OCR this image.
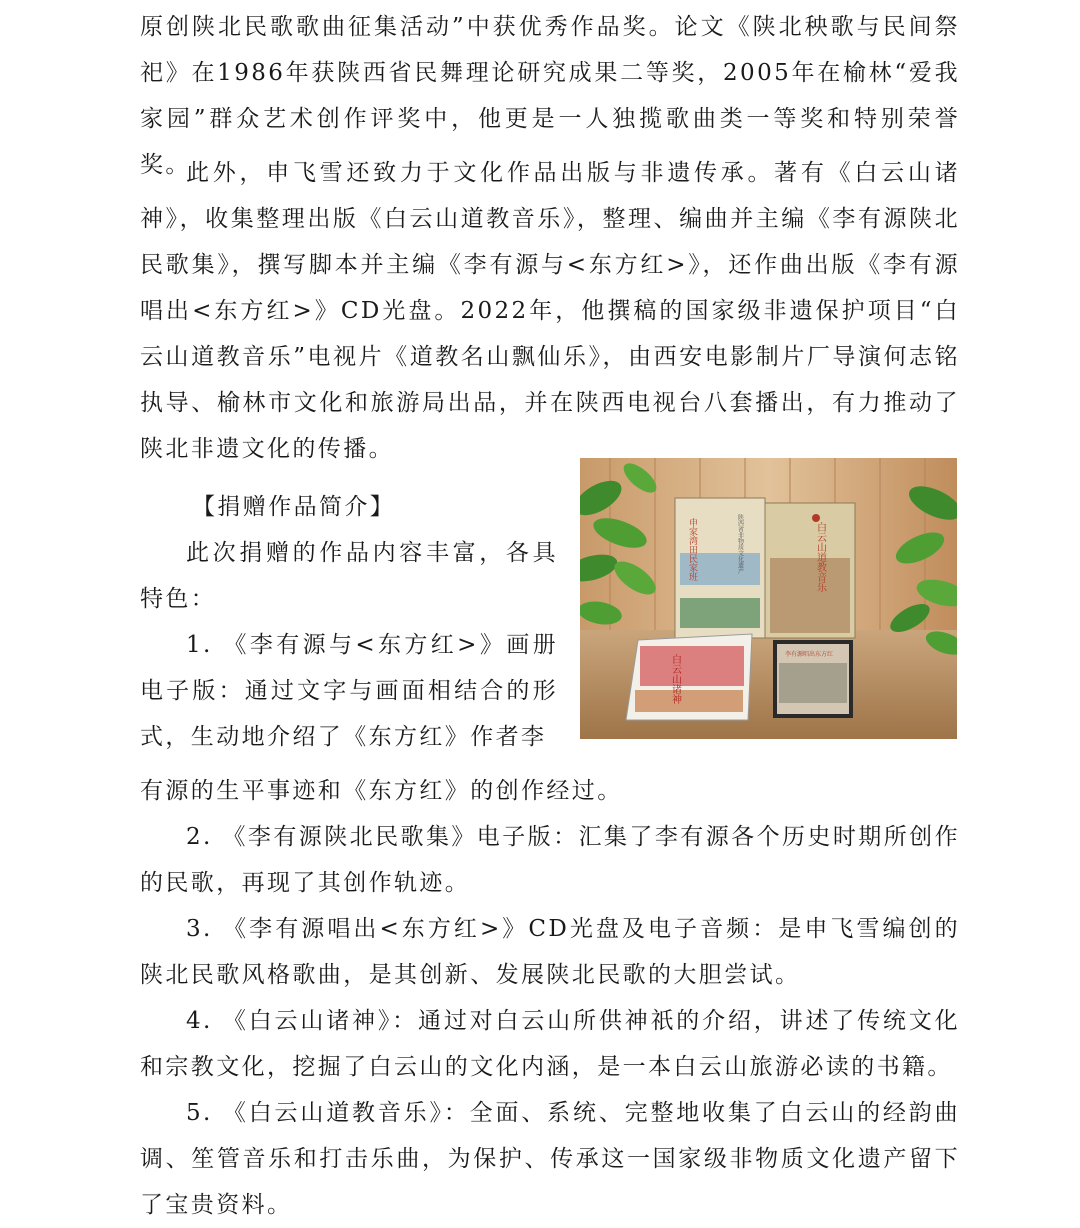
原创陕北民歌歌曲征集活动”中获优秀作品奖。论文《陕北秧歌与民间祭祀》在1986年获陕西省民舞理论研究成果二等奖，2005年在榆林“爱我家园”群众艺术创作评奖中，他更是一人独揽歌曲类一等奖和特别荣誉奖。

此外，申飞雪还致力于文化作品出版与非遗传承。著有《白云山诸神》，收集整理出版《白云山道教音乐》，整理、编曲并主编《李有源陕北民歌集》，撰写脚本并主编《李有源与<东方红>》，还作曲出版《李有源唱出<东方红>》CD光盘。2022年，他撰稿的国家级非遗保护项目“白云山道教音乐”电视片《道教名山飘仙乐》，由西安电影制片厂导演何志铭执导、榆林市文化和旅游局出品，并在陕西电视台八套播出，有力推动了陕北非遗文化的传播。

【捐赠作品简介】

此次捐赠的作品内容丰富，各具特色：

1. 《李有源与<东方红>》画册电子版：通过文字与画面相结合的形式，生动地介绍了《东方红》作者李

申家湾田民家班	陕西省非物质文化遗产	白云山道教音乐
白云山诸神	李有源唱出东方红

有源的生平事迹和《东方红》的创作经过。

2. 《李有源陕北民歌集》电子版：汇集了李有源各个历史时期所创作的民歌，再现了其创作轨迹。

3. 《李有源唱出<东方红>》CD光盘及电子音频：是申飞雪编创的陕北民歌风格歌曲，是其创新、发展陕北民歌的大胆尝试。

4. 《白云山诸神》：通过对白云山所供神祇的介绍，讲述了传统文化和宗教文化，挖掘了白云山的文化内涵，是一本白云山旅游必读的书籍。

5. 《白云山道教音乐》：全面、系统、完整地收集了白云山的经韵曲调、笙管音乐和打击乐曲，为保护、传承这一国家级非物质文化遗产留下了宝贵资料。
